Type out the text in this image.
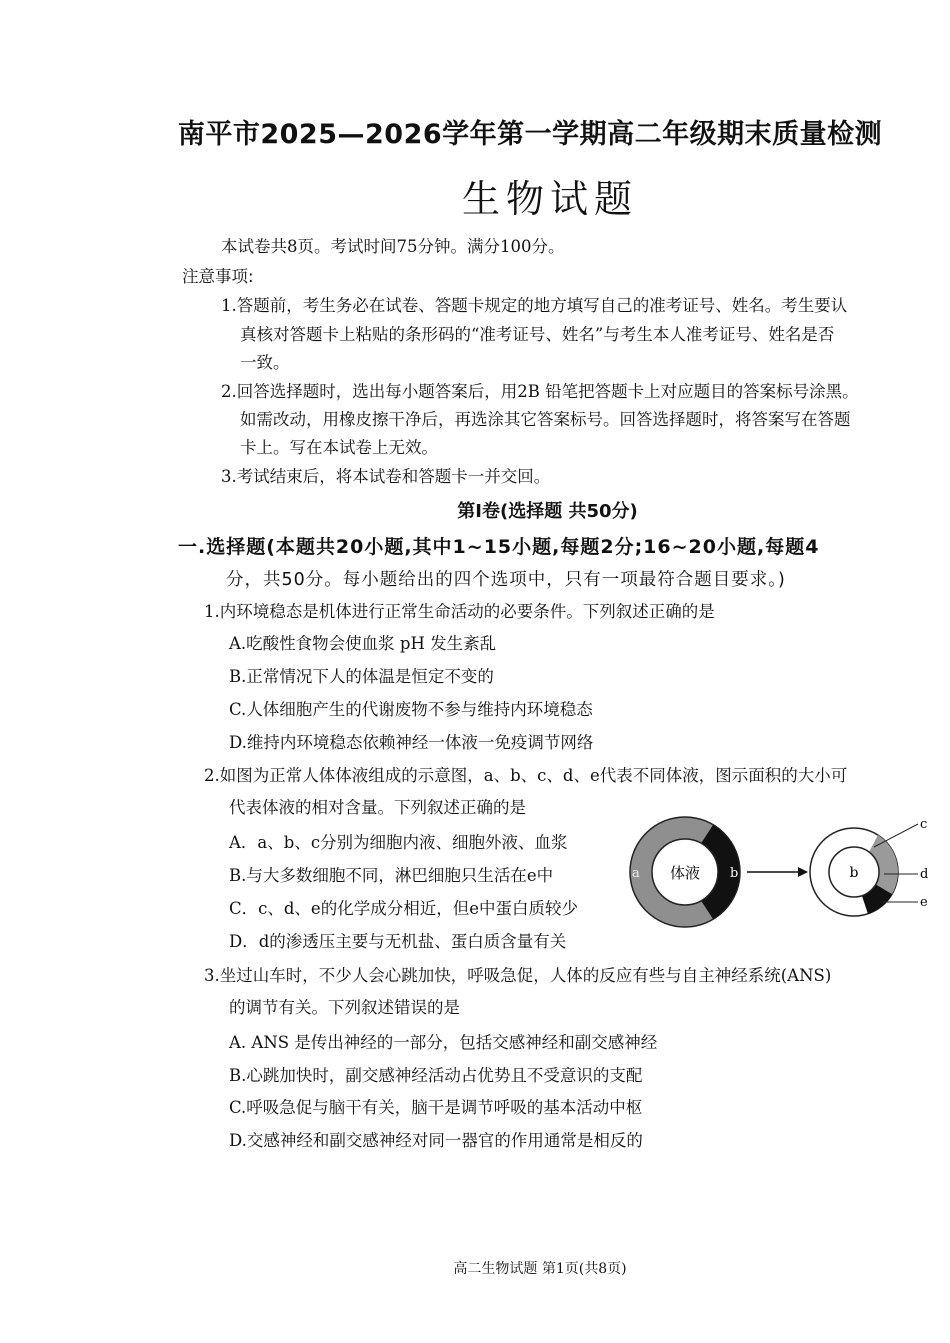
南平市2025—2026学年第一学期高二年级期末质量检测
生物试题
本试卷共8页。考试时间75分钟。满分100分。
注意事项:
1.答题前，考生务必在试卷、答题卡规定的地方填写自己的准考证号、姓名。考生要认
真核对答题卡上粘贴的条形码的“准考证号、姓名”与考生本人准考证号、姓名是否
一致。
2.回答选择题时，选出每小题答案后，用2B 铅笔把答题卡上对应题目的答案标号涂黑。
如需改动，用橡皮擦干净后，再选涂其它答案标号。回答选择题时，将答案写在答题
卡上。写在本试卷上无效。
3.考试结束后，将本试卷和答题卡一并交回。
第Ⅰ卷(选择题 共50分)
一.选择题(本题共20小题,其中1~15小题,每题2分;16~20小题,每题4
分，共50分。每小题给出的四个选项中，只有一项最符合题目要求。)
1.内环境稳态是机体进行正常生命活动的必要条件。下列叙述正确的是
A.吃酸性食物会使血浆 pH 发生紊乱
B.正常情况下人的体温是恒定不变的
C.人体细胞产生的代谢废物不参与维持内环境稳态
D.维持内环境稳态依赖神经一体液一免疫调节网络
2.如图为正常人体体液组成的示意图，a、b、c、d、e代表不同体液，图示面积的大小可
代表体液的相对含量。下列叙述正确的是
A．a、b、c分别为细胞内液、细胞外液、血浆
B.与大多数细胞不同，淋巴细胞只生活在e中
C．c、d、e的化学成分相近，但e中蛋白质较少
D．d的渗透压主要与无机盐、蛋白质含量有关
体液
a	b	b
c
d
e
3.坐过山车时，不少人会心跳加快，呼吸急促，人体的反应有些与自主神经系统(ANS)
的调节有关。下列叙述错误的是
A. ANS 是传出神经的一部分，包括交感神经和副交感神经
B.心跳加快时，副交感神经活动占优势且不受意识的支配
C.呼吸急促与脑干有关，脑干是调节呼吸的基本活动中枢
D.交感神经和副交感神经对同一器官的作用通常是相反的
高二生物试题 第1页(共8页)
